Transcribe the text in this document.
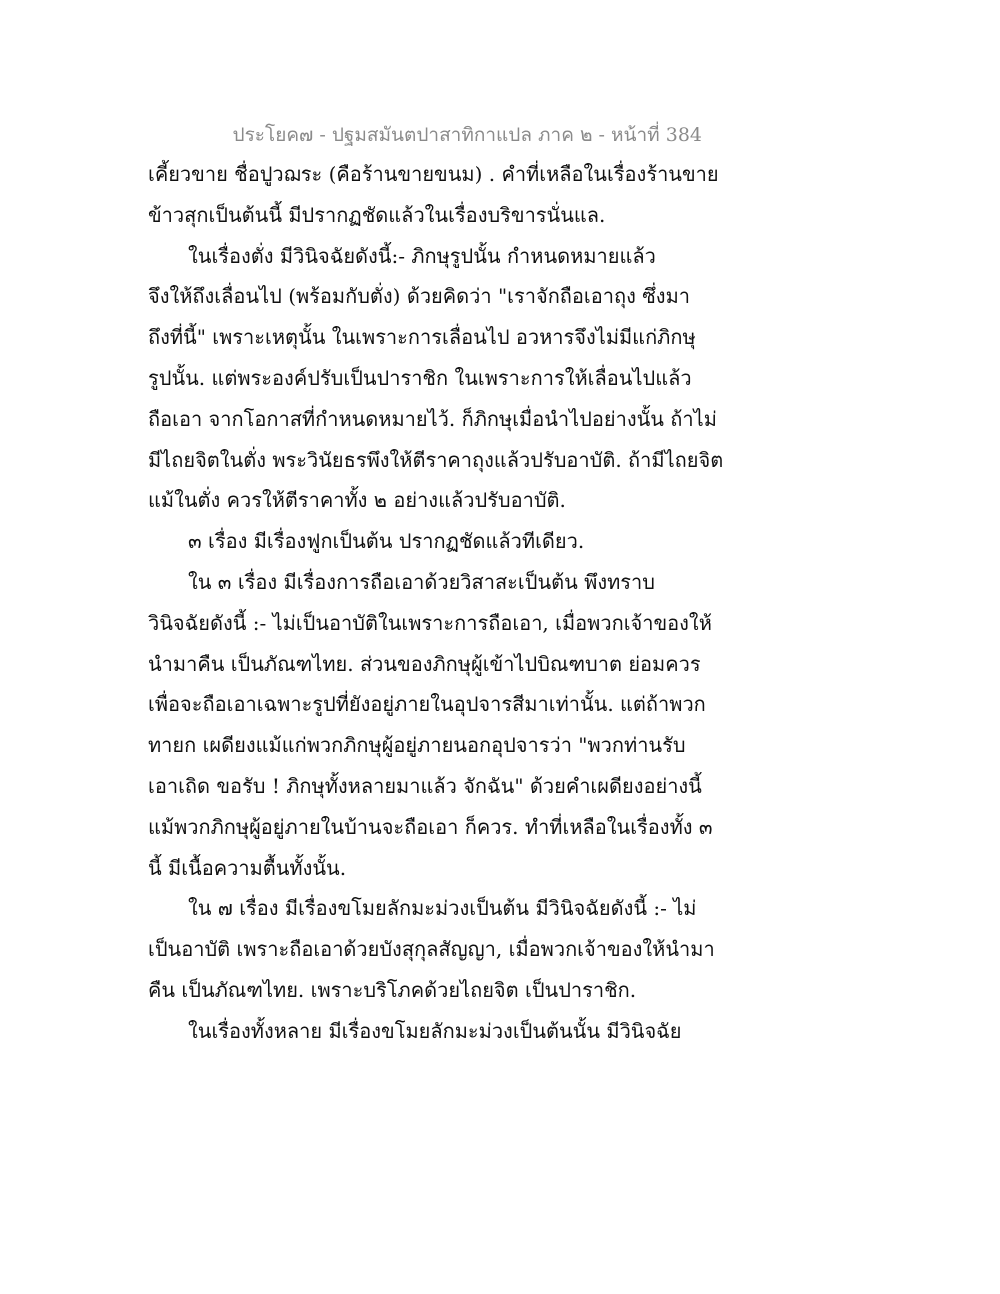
ประโยค๗ - ปฐมสมันตปาสาทิกาแปล ภาค ๒ - หน้าที่ 384
เคี้ยวขาย ชื่อปูวฌระ (คือร้านขายขนม) . คำที่เหลือในเรื่องร้านขาย
ข้าวสุกเป็นต้นนี้ มีปรากฏชัดแล้วในเรื่องบริขารนั่นแล.
ในเรื่องตั่ง มีวินิจฉัยดังนี้:- ภิกษุรูปนั้น กำหนดหมายแล้ว
จึงให้ถึงเลื่อนไป (พร้อมกับตั่ง) ด้วยคิดว่า "เราจักถือเอาถุง ซึ่งมา
ถึงที่นี้" เพราะเหตุนั้น ในเพราะการเลื่อนไป อวหารจึงไม่มีแก่ภิกษุ
รูปนั้น. แต่พระองค์ปรับเป็นปาราชิก ในเพราะการให้เลื่อนไปแล้ว
ถือเอา จากโอกาสที่กำหนดหมายไว้. ก็ภิกษุเมื่อนำไปอย่างนั้น ถ้าไม่
มีไถยจิตในตั่ง พระวินัยธรพึงให้ตีราคาถุงแล้วปรับอาบัติ. ถ้ามีไถยจิต
แม้ในตั่ง ควรให้ตีราคาทั้ง ๒ อย่างแล้วปรับอาบัติ.
๓ เรื่อง มีเรื่องฟูกเป็นต้น ปรากฏชัดแล้วทีเดียว.
ใน ๓ เรื่อง มีเรื่องการถือเอาด้วยวิสาสะเป็นต้น พึงทราบ
วินิจฉัยดังนี้ :- ไม่เป็นอาบัติในเพราะการถือเอา, เมื่อพวกเจ้าของให้
นำมาคืน เป็นภัณฑไทย. ส่วนของภิกษุผู้เข้าไปบิณฑบาต ย่อมควร
เพื่อจะถือเอาเฉพาะรูปที่ยังอยู่ภายในอุปจารสีมาเท่านั้น. แต่ถ้าพวก
ทายก เผดียงแม้แก่พวกภิกษุผู้อยู่ภายนอกอุปจารว่า "พวกท่านรับ
เอาเถิด ขอรับ ! ภิกษุทั้งหลายมาแล้ว จักฉัน" ด้วยคำเผดียงอย่างนี้
แม้พวกภิกษุผู้อยู่ภายในบ้านจะถือเอา ก็ควร. ทำที่เหลือในเรื่องทั้ง ๓
นี้ มีเนื้อความตื้นทั้งนั้น.
ใน ๗ เรื่อง มีเรื่องขโมยลักมะม่วงเป็นต้น มีวินิจฉัยดังนี้ :- ไม่
เป็นอาบัติ เพราะถือเอาด้วยบังสุกุลสัญญา, เมื่อพวกเจ้าของให้นำมา
คืน เป็นภัณฑไทย. เพราะบริโภคด้วยไถยจิต เป็นปาราชิก.
ในเรื่องทั้งหลาย มีเรื่องขโมยลักมะม่วงเป็นต้นนั้น มีวินิจฉัย
